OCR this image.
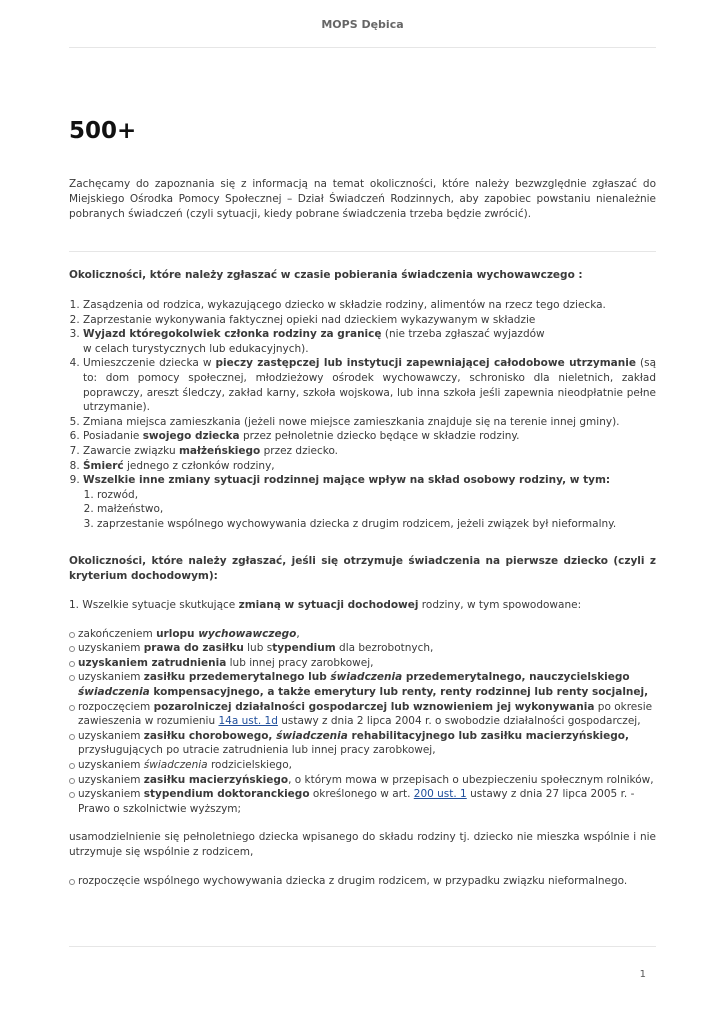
MOPS Dębica
500+

Zachęcamy do zapoznania się z informacją na temat okoliczności, które należy bezwzględnie zgłaszać do Miejskiego Ośrodka Pomocy Społecznej – Dział Świadczeń Rodzinnych, aby zapobiec powstaniu nienależnie pobranych świadczeń (czyli sytuacji, kiedy pobrane świadczenia trzeba będzie zwrócić).

Okoliczności, które należy zgłaszać w czasie pobierania świadczenia wychowawczego :

1. Zasądzenia od rodzica, wykazującego dziecko w składzie rodziny, alimentów na rzecz tego dziecka.
2. Zaprzestanie wykonywania faktycznej opieki nad dzieckiem wykazywanym w składzie
3. Wyjazd któregokolwiek członka rodziny za granicę (nie trzeba zgłaszać wyjazdów
w celach turystycznych lub edukacyjnych).
4. Umieszczenie dziecka w pieczy zastępczej lub instytucji zapewniającej całodobowe utrzymanie (są to: dom pomocy społecznej, młodzieżowy ośrodek wychowawczy, schronisko dla nieletnich, zakład poprawczy, areszt śledczy, zakład karny, szkoła wojskowa, lub inna szkoła jeśli zapewnia nieodpłatnie pełne utrzymanie).
5. Zmiana miejsca zamieszkania (jeżeli nowe miejsce zamieszkania znajduje się na terenie innej gminy).
6. Posiadanie swojego dziecka przez pełnoletnie dziecko będące w składzie rodziny.
7. Zawarcie związku małżeńskiego przez dziecko.
8. Śmierć jednego z członków rodziny,
9. Wszelkie inne zmiany sytuacji rodzinnej mające wpływ na skład osobowy rodziny, w tym:
1. rozwód,
2. małżeństwo,
3. zaprzestanie wspólnego wychowywania dziecka z drugim rodzicem, jeżeli związek był nieformalny.

Okoliczności, które należy zgłaszać, jeśli się otrzymuje świadczenia na pierwsze dziecko (czyli z kryterium dochodowym):

1. Wszelkie sytuacje skutkujące zmianą w sytuacji dochodowej rodziny, w tym spowodowane:

zakończeniem urlopu wychowawczego,
uzyskaniem prawa do zasiłku lub stypendium dla bezrobotnych,
uzyskaniem zatrudnienia lub innej pracy zarobkowej,
uzyskaniem zasiłku przedemerytalnego lub świadczenia przedemerytalnego, nauczycielskiego świadczenia kompensacyjnego, a także emerytury lub renty, renty rodzinnej lub renty socjalnej,
rozpoczęciem pozarolniczej działalności gospodarczej lub wznowieniem jej wykonywania po okresie zawieszenia w rozumieniu 14a ust. 1d ustawy z dnia 2 lipca 2004 r. o swobodzie działalności gospodarczej,
uzyskaniem zasiłku chorobowego, świadczenia rehabilitacyjnego lub zasiłku macierzyńskiego, przysługujących po utracie zatrudnienia lub innej pracy zarobkowej,
uzyskaniem świadczenia rodzicielskiego,
uzyskaniem zasiłku macierzyńskiego, o którym mowa w przepisach o ubezpieczeniu społecznym rolników,
uzyskaniem stypendium doktoranckiego określonego w art. 200 ust. 1 ustawy z dnia 27 lipca 2005 r. - Prawo o szkolnictwie wyższym;

usamodzielnienie się pełnoletniego dziecka wpisanego do składu rodziny tj. dziecko nie mieszka wspólnie i nie utrzymuje się wspólnie z rodzicem,

rozpoczęcie wspólnego wychowywania dziecka z drugim rodzicem, w przypadku związku nieformalnego.
1
